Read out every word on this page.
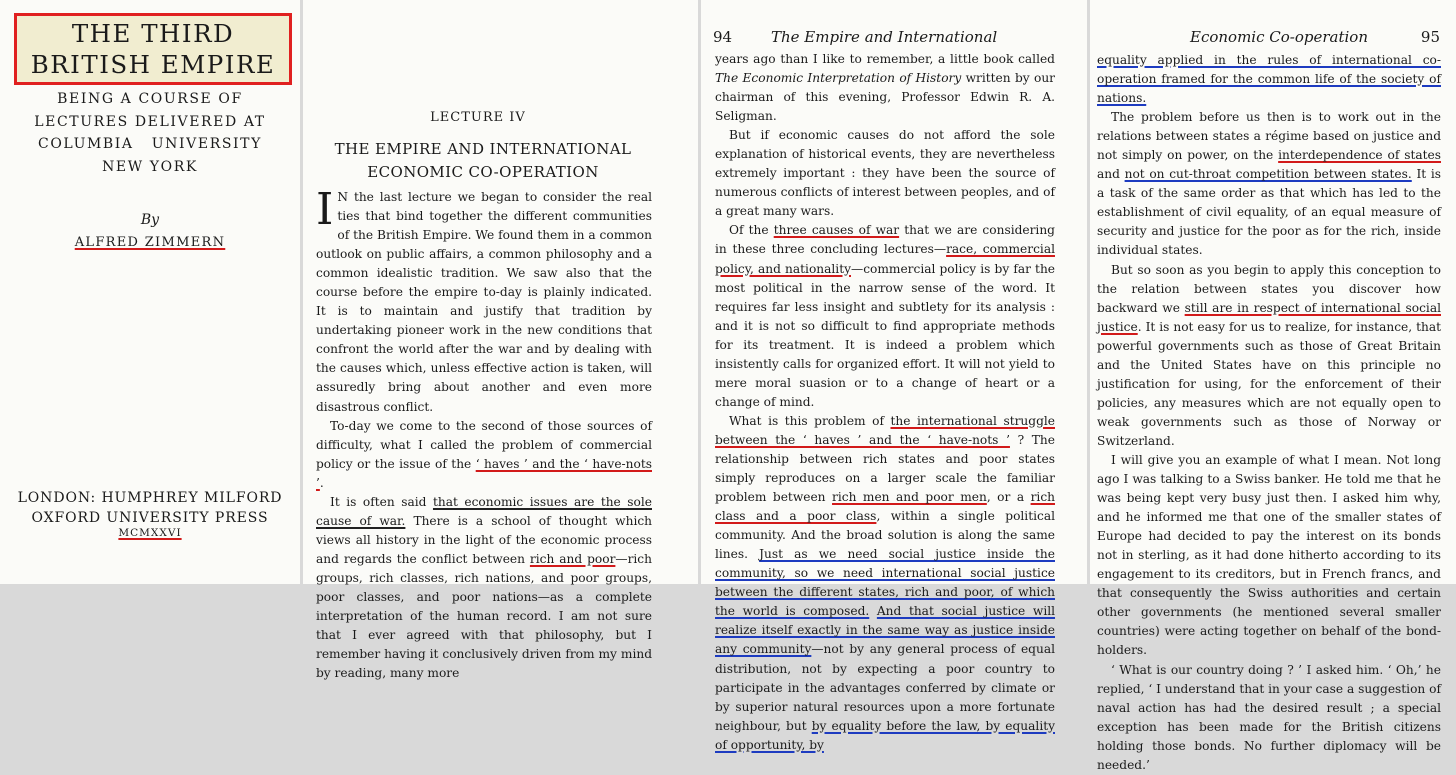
THE THIRD
BRITISH EMPIRE
BEING A COURSE OF
LECTURES DELIVERED AT
COLUMBIA   UNIVERSITY
NEW YORK
By
ALFRED ZIMMERN
LONDON: HUMPHREY MILFORD
OXFORD UNIVERSITY PRESS
MCMXXVI
LECTURE IV
THE EMPIRE AND INTERNATIONAL
ECONOMIC CO-OPERATION

I N the last lecture we began to consider the real ties that bind together the different communities of the British Empire. We found them in a common outlook on public affairs, a common philosophy and a common idealistic tradition. We saw also that the course before the empire to-day is plainly indicated. It is to maintain and justify that tradition by undertaking pioneer work in the new conditions that confront the world after the war and by dealing with the causes which, unless effective action is taken, will assuredly bring about another and even more disastrous conflict.

To-day we come to the second of those sources of difficulty, what I called the problem of commercial policy or the issue of the ‘ haves ’ and the ‘ have-nots ’.

It is often said that economic issues are the sole cause of war. There is a school of thought which views all history in the light of the economic process and regards the conflict between rich and poor—rich groups, rich classes, rich nations, and poor groups, poor classes, and poor nations—as a complete interpretation of the human record. I am not sure that I ever agreed with that philosophy, but I remember having it conclusively driven from my mind by reading, many more

94	The Empire and International

years ago than I like to remember, a little book called The Economic Interpretation of History written by our chairman of this evening, Professor Edwin R. A. Seligman.

But if economic causes do not afford the sole explanation of historical events, they are nevertheless extremely important : they have been the source of numerous conflicts of interest between peoples, and of a great many wars.

Of the three causes of war that we are considering in these three concluding lectures—race, commercial policy, and nationality—commercial policy is by far the most political in the narrow sense of the word. It requires far less insight and subtlety for its analysis : and it is not so difficult to find appropriate methods for its treatment. It is indeed a problem which insistently calls for organized effort. It will not yield to mere moral suasion or to a change of heart or a change of mind.

What is this problem of the international struggle between the ‘ haves ’ and the ‘ have-nots ’ ? The relationship between rich states and poor states simply reproduces on a larger scale the familiar problem between rich men and poor men, or a rich class and a poor class, within a single political community. And the broad solution is along the same lines. Just as we need social justice inside the community, so we need international social justice between the different states, rich and poor, of which the world is composed. And that social justice will realize itself exactly in the same way as justice inside any community—not by any general process of equal distribution, not by expecting a poor country to participate in the advantages conferred by climate or by superior natural resources upon a more fortunate neighbour, but by equality before the law, by equality of opportunity, by

Economic Co-operation	95

equality applied in the rules of international co-operation framed for the common life of the society of nations.

The problem before us then is to work out in the relations between states a régime based on justice and not simply on power, on the interdependence of states and not on cut-throat competition between states. It is a task of the same order as that which has led to the establishment of civil equality, of an equal measure of security and justice for the poor as for the rich, inside individual states.

But so soon as you begin to apply this conception to the relation between states you discover how backward we still are in respect of international social justice. It is not easy for us to realize, for instance, that powerful governments such as those of Great Britain and the United States have on this principle no justification for using, for the enforcement of their policies, any measures which are not equally open to weak governments such as those of Norway or Switzerland.

I will give you an example of what I mean. Not long ago I was talking to a Swiss banker. He told me that he was being kept very busy just then. I asked him why, and he informed me that one of the smaller states of Europe had decided to pay the interest on its bonds not in sterling, as it had done hitherto according to its engagement to its creditors, but in French francs, and that consequently the Swiss authorities and certain other governments (he mentioned several smaller countries) were acting together on behalf of the bond-holders.

‘ What is our country doing ? ’ I asked him. ‘ Oh,’ he replied, ‘ I understand that in your case a suggestion of naval action has had the desired result ; a special exception has been made for the British citizens holding those bonds. No further diplomacy will be needed.’
